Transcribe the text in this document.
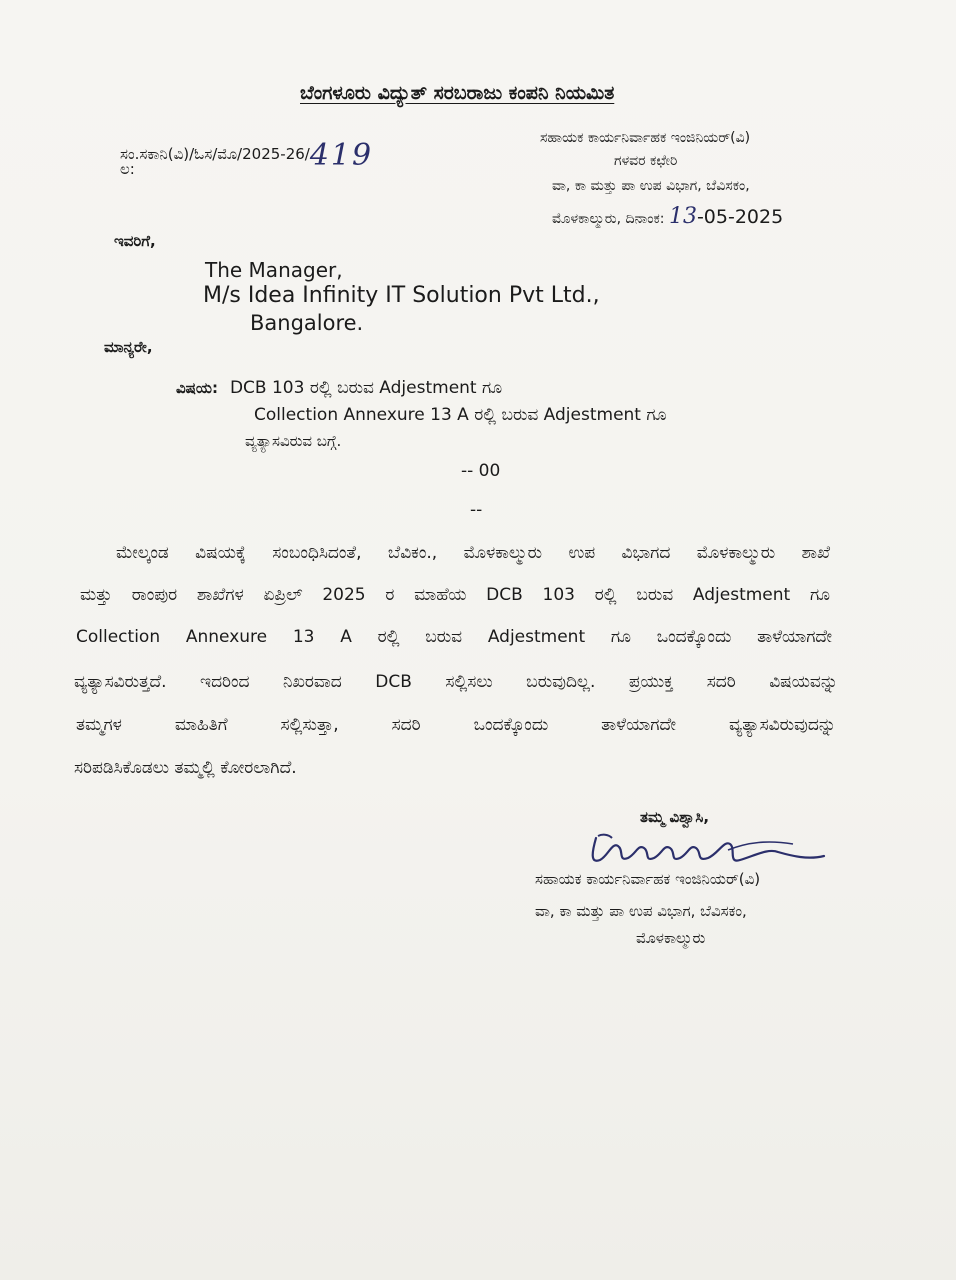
ಬೆಂಗಳೂರು ವಿದ್ಯುತ್ ಸರಬರಾಜು ಕಂಪನಿ ನಿಯಮಿತ
ಸಂ.ಸಕಾನಿ(ವಿ)/ಓಸ/ಮೊ/2025-26/419
ಲ:
ಸಹಾಯಕ ಕಾರ್ಯನಿರ್ವಾಹಕ ಇಂಜಿನಿಯರ್(ವಿ)
ಗಳವರ ಕಛೇರಿ
ವಾ, ಕಾ ಮತ್ತು ಪಾ ಉಪ ವಿಭಾಗ, ಬೆವಿಸಕಂ,
ಮೊಳಕಾಲ್ಮುರು, ದಿನಾಂಕ: 13-05-2025
ಇವರಿಗೆ,
The Manager,
M/s Idea Infinity IT Solution Pvt Ltd.,
Bangalore.
ಮಾನ್ಯರೇ,
ವಿಷಯ: DCB 103 ರಲ್ಲಿ ಬರುವ Adjestment ಗೂ
Collection Annexure 13 A ರಲ್ಲಿ ಬರುವ Adjestment ಗೂ
ವ್ಯತ್ಯಾಸವಿರುವ ಬಗ್ಗೆ.
-- 00
--
ಮೇಲ್ಕಂಡ ವಿಷಯಕ್ಕೆ ಸಂಬಂಧಿಸಿದಂತೆ, ಬೆವಿಕಂ., ಮೊಳಕಾಲ್ಮುರು ಉಪ ವಿಭಾಗದ ಮೊಳಕಾಲ್ಮುರು ಶಾಖೆ
ಮತ್ತು ರಾಂಪುರ ಶಾಖೆಗಳ ಏಪ್ರಿಲ್ 2025 ರ ಮಾಹೆಯ DCB 103 ರಲ್ಲಿ ಬರುವ Adjestment ಗೂ
Collection Annexure 13 A ರಲ್ಲಿ ಬರುವ Adjestment ಗೂ ಒಂದಕ್ಕೊಂದು ತಾಳೆಯಾಗದೇ
ವ್ಯತ್ಯಾಸವಿರುತ್ತದೆ. ಇದರಿಂದ ನಿಖರವಾದ DCB ಸಲ್ಲಿಸಲು ಬರುವುದಿಲ್ಲ. ಪ್ರಯುಕ್ತ ಸದರಿ ವಿಷಯವನ್ನು
ತಮ್ಮಗಳ ಮಾಹಿತಿಗೆ ಸಲ್ಲಿಸುತ್ತಾ, ಸದರಿ ಒಂದಕ್ಕೊಂದು ತಾಳೆಯಾಗದೇ ವ್ಯತ್ಯಾಸವಿರುವುದನ್ನು
ಸರಿಪಡಿಸಿಕೊಡಲು ತಮ್ಮಲ್ಲಿ ಕೋರಲಾಗಿದೆ.
ತಮ್ಮ ವಿಶ್ವಾಸಿ,
ಸಹಾಯಕ ಕಾರ್ಯನಿರ್ವಾಹಕ ಇಂಜಿನಿಯರ್(ವಿ)
ವಾ, ಕಾ ಮತ್ತು ಪಾ ಉಪ ವಿಭಾಗ, ಬೆವಿಸಕಂ,
ಮೊಳಕಾಲ್ಮುರು
